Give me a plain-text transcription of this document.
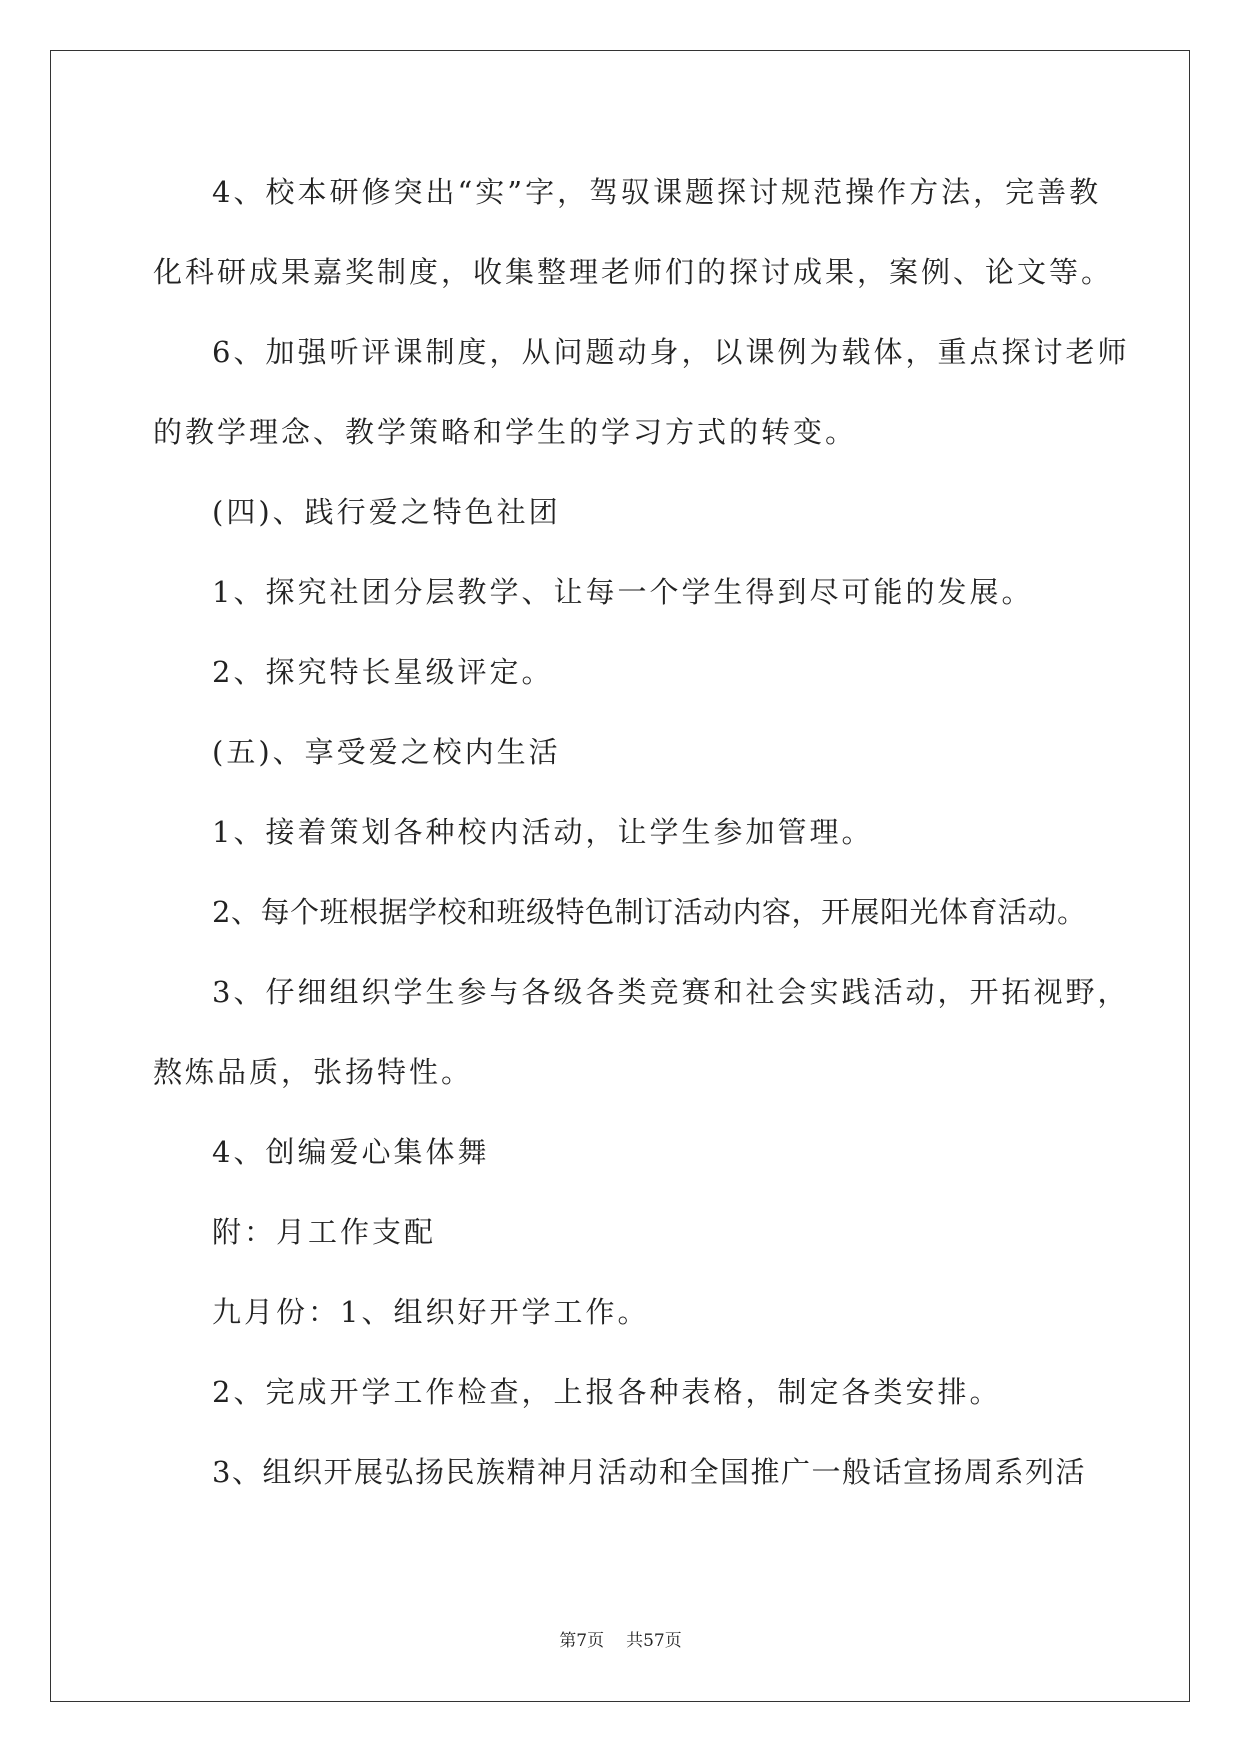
4、校本研修突出“实”字，驾驭课题探讨规范操作方法，完善教
化科研成果嘉奖制度，收集整理老师们的探讨成果，案例、论文等。
6、加强听评课制度，从问题动身，以课例为载体，重点探讨老师
的教学理念、教学策略和学生的学习方式的转变。
(四)、践行爱之特色社团
1、探究社团分层教学、让每一个学生得到尽可能的发展。
2、探究特长星级评定。
(五)、享受爱之校内生活
1、接着策划各种校内活动，让学生参加管理。
2、每个班根据学校和班级特色制订活动内容，开展阳光体育活动。
3、仔细组织学生参与各级各类竞赛和社会实践活动，开拓视野，
熬炼品质，张扬特性。
4、创编爱心集体舞
附：月工作支配
九月份：1、组织好开学工作。
2、完成开学工作检查，上报各种表格，制定各类安排。
3、组织开展弘扬民族精神月活动和全国推广一般话宣扬周系列活
第7页 共57页
